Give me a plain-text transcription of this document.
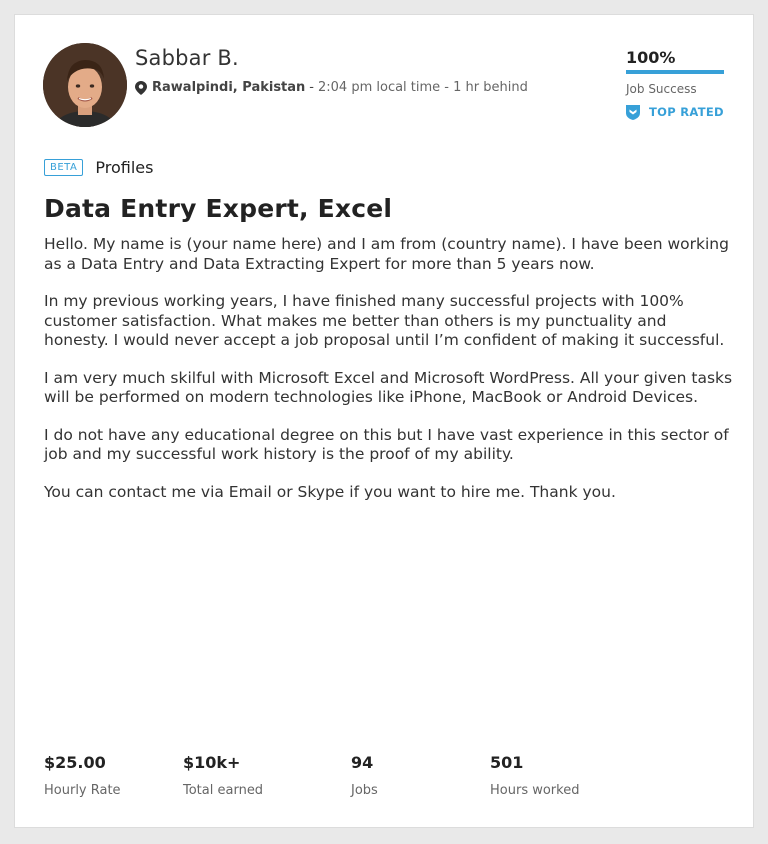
Sabbar B.
Rawalpindi, Pakistan - 2:04 pm local time - 1 hr behind
100%
Job Success
TOP RATED
BETA	Profiles
Data Entry Expert, Excel

Hello. My name is (your name here) and I am from (country name). I have been working as a Data Entry and Data Extracting Expert for more than 5 years now.

In my previous working years, I have finished many successful projects with 100% customer satisfaction. What makes me better than others is my punctuality and honesty. I would never accept a job proposal until I’m confident of making it successful.

I am very much skilful with Microsoft Excel and Microsoft WordPress. All your given tasks will be performed on modern technologies like iPhone, MacBook or Android Devices.

I do not have any educational degree on this but I have vast experience in this sector of job and my successful work history is the proof of my ability.

You can contact me via Email or Skype if you want to hire me. Thank you.

$25.00
Hourly Rate
$10k+
Total earned
94
Jobs
501
Hours worked
